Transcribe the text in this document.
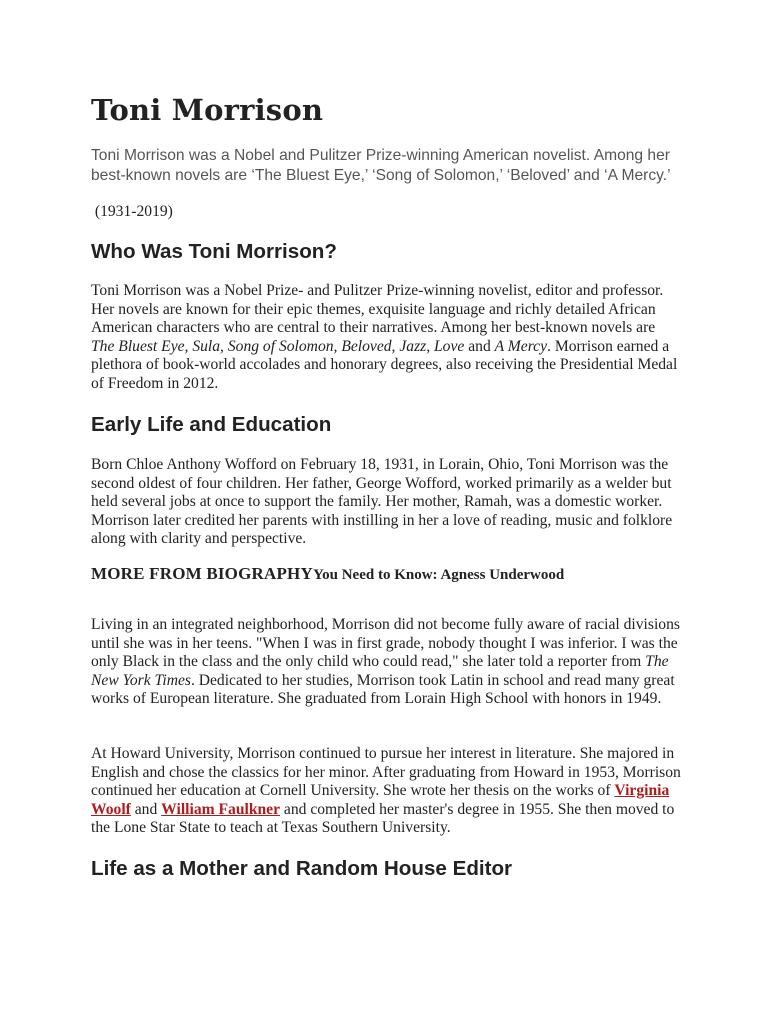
Toni Morrison

Toni Morrison was a Nobel and Pulitzer Prize-winning American novelist. Among her best-known novels are ‘The Bluest Eye,’ ‘Song of Solomon,’ ‘Beloved’ and ‘A Mercy.’

(1931-2019)

Who Was Toni Morrison?

Toni Morrison was a Nobel Prize- and Pulitzer Prize-winning novelist, editor and professor. Her novels are known for their epic themes, exquisite language and richly detailed African American characters who are central to their narratives. Among her best-known novels are The Bluest Eye, Sula, Song of Solomon, Beloved, Jazz, Love and A Mercy. Morrison earned a plethora of book-world accolades and honorary degrees, also receiving the Presidential Medal of Freedom in 2012.

Early Life and Education

Born Chloe Anthony Wofford on February 18, 1931, in Lorain, Ohio, Toni Morrison was the second oldest of four children. Her father, George Wofford, worked primarily as a welder but held several jobs at once to support the family. Her mother, Ramah, was a domestic worker. Morrison later credited her parents with instilling in her a love of reading, music and folklore along with clarity and perspective.

MORE FROM BIOGRAPHYYou Need to Know: Agness Underwood

Living in an integrated neighborhood, Morrison did not become fully aware of racial divisions until she was in her teens. "When I was in first grade, nobody thought I was inferior. I was the only Black in the class and the only child who could read," she later told a reporter from The New York Times. Dedicated to her studies, Morrison took Latin in school and read many great works of European literature. She graduated from Lorain High School with honors in 1949.

At Howard University, Morrison continued to pursue her interest in literature. She majored in English and chose the classics for her minor. After graduating from Howard in 1953, Morrison continued her education at Cornell University. She wrote her thesis on the works of Virginia Woolf and William Faulkner and completed her master's degree in 1955. She then moved to the Lone Star State to teach at Texas Southern University.

Life as a Mother and Random House Editor
